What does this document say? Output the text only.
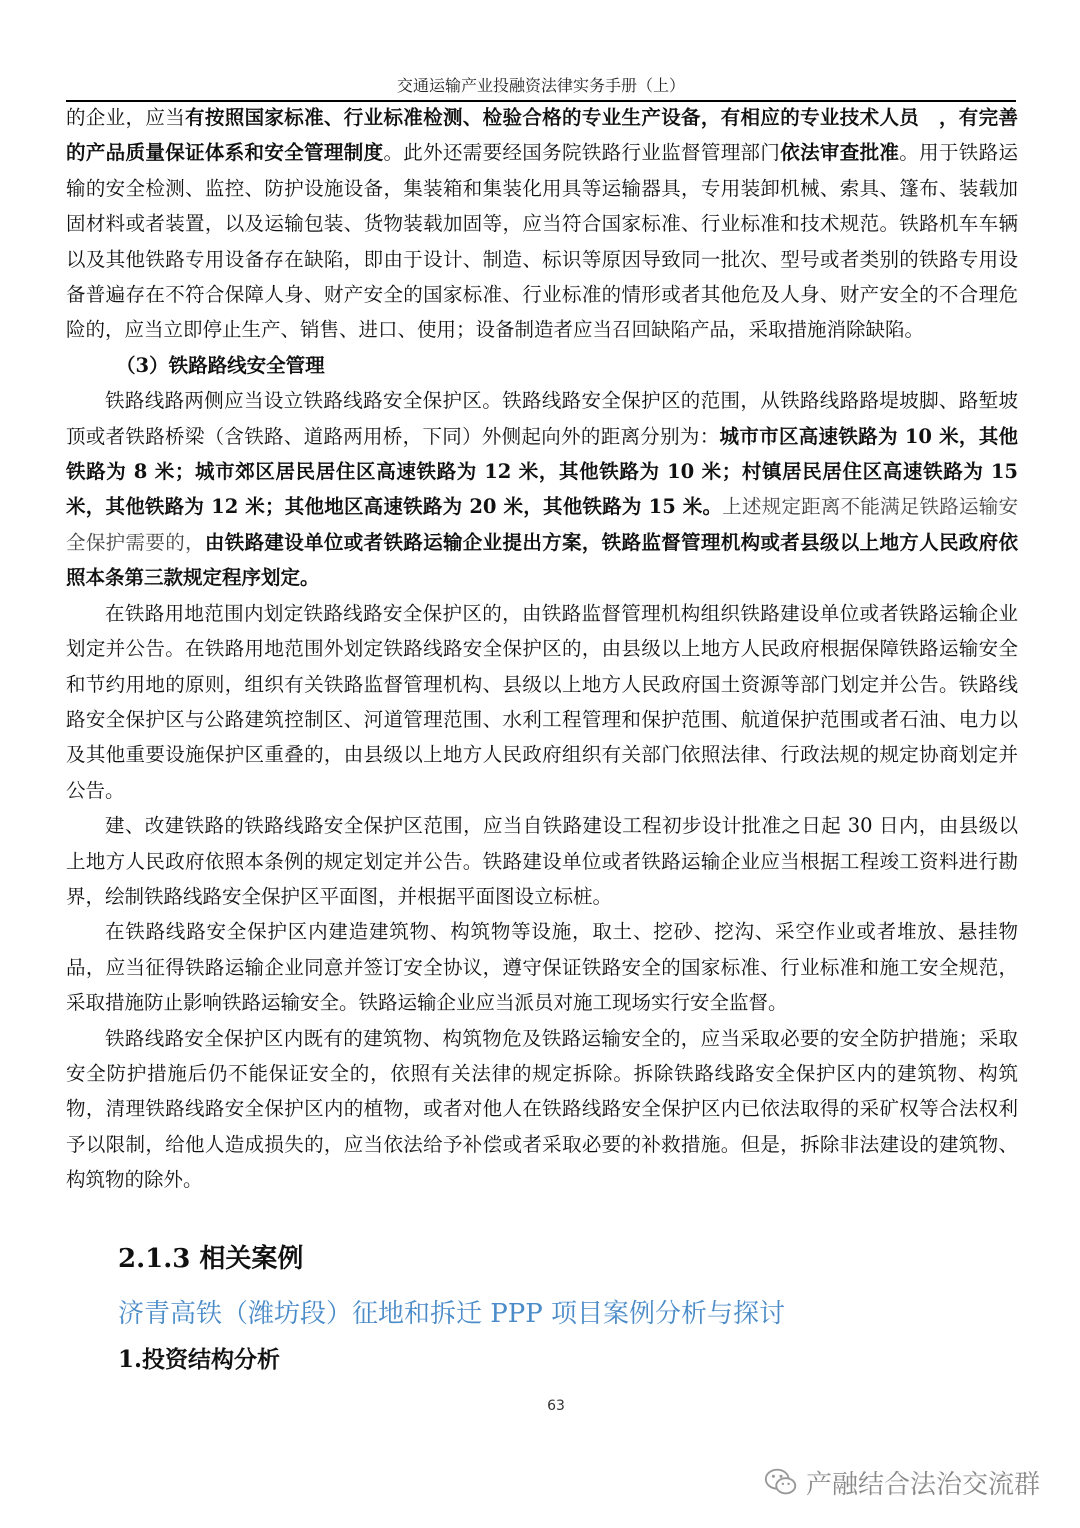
交通运输产业投融资法律实务手册（上）

的企业，应当有按照国家标准、行业标准检测、检验合格的专业生产设备，有相应的专业技术人员　，有完善的产品质量保证体系和安全管理制度。此外还需要经国务院铁路行业监督管理部门依法审查批准。用于铁路运输的安全检测、监控、防护设施设备，集装箱和集装化用具等运输器具，专用装卸机械、索具、篷布、装载加固材料或者装置，以及运输包装、货物装载加固等，应当符合国家标准、行业标准和技术规范。铁路机车车辆以及其他铁路专用设备存在缺陷，即由于设计、制造、标识等原因导致同一批次、型号或者类别的铁路专用设备普遍存在不符合保障人身、财产安全的国家标准、行业标准的情形或者其他危及人身、财产安全的不合理危险的，应当立即停止生产、销售、进口、使用；设备制造者应当召回缺陷产品，采取措施消除缺陷。

（3）铁路路线安全管理

铁路线路两侧应当设立铁路线路安全保护区。铁路线路安全保护区的范围，从铁路线路路堤坡脚、路堑坡顶或者铁路桥梁（含铁路、道路两用桥，下同）外侧起向外的距离分别为：城市市区高速铁路为 10 米，其他铁路为 8 米；城市郊区居民居住区高速铁路为 12 米，其他铁路为 10 米；村镇居民居住区高速铁路为 15 米，其他铁路为 12 米；其他地区高速铁路为 20 米，其他铁路为 15 米。上述规定距离不能满足铁路运输安全保护需要的，由铁路建设单位或者铁路运输企业提出方案，铁路监督管理机构或者县级以上地方人民政府依照本条第三款规定程序划定。

在铁路用地范围内划定铁路线路安全保护区的，由铁路监督管理机构组织铁路建设单位或者铁路运输企业划定并公告。在铁路用地范围外划定铁路线路安全保护区的，由县级以上地方人民政府根据保障铁路运输安全和节约用地的原则，组织有关铁路监督管理机构、县级以上地方人民政府国土资源等部门划定并公告。铁路线路安全保护区与公路建筑控制区、河道管理范围、水利工程管理和保护范围、航道保护范围或者石油、电力以及其他重要设施保护区重叠的，由县级以上地方人民政府组织有关部门依照法律、行政法规的规定协商划定并公告。

建、改建铁路的铁路线路安全保护区范围，应当自铁路建设工程初步设计批准之日起 30 日内，由县级以上地方人民政府依照本条例的规定划定并公告。铁路建设单位或者铁路运输企业应当根据工程竣工资料进行勘界，绘制铁路线路安全保护区平面图，并根据平面图设立标桩。

在铁路线路安全保护区内建造建筑物、构筑物等设施，取土、挖砂、挖沟、采空作业或者堆放、悬挂物品，应当征得铁路运输企业同意并签订安全协议，遵守保证铁路安全的国家标准、行业标准和施工安全规范，采取措施防止影响铁路运输安全。铁路运输企业应当派员对施工现场实行安全监督。

铁路线路安全保护区内既有的建筑物、构筑物危及铁路运输安全的，应当采取必要的安全防护措施；采取安全防护措施后仍不能保证安全的，依照有关法律的规定拆除。拆除铁路线路安全保护区内的建筑物、构筑物，清理铁路线路安全保护区内的植物，或者对他人在铁路线路安全保护区内已依法取得的采矿权等合法权利予以限制，给他人造成损失的，应当依法给予补偿或者采取必要的补救措施。但是，拆除非法建设的建筑物、构筑物的除外。

2.1.3 相关案例
济青高铁（潍坊段）征地和拆迁 PPP 项目案例分析与探讨
1.投资结构分析
63
产融结合法治交流群
